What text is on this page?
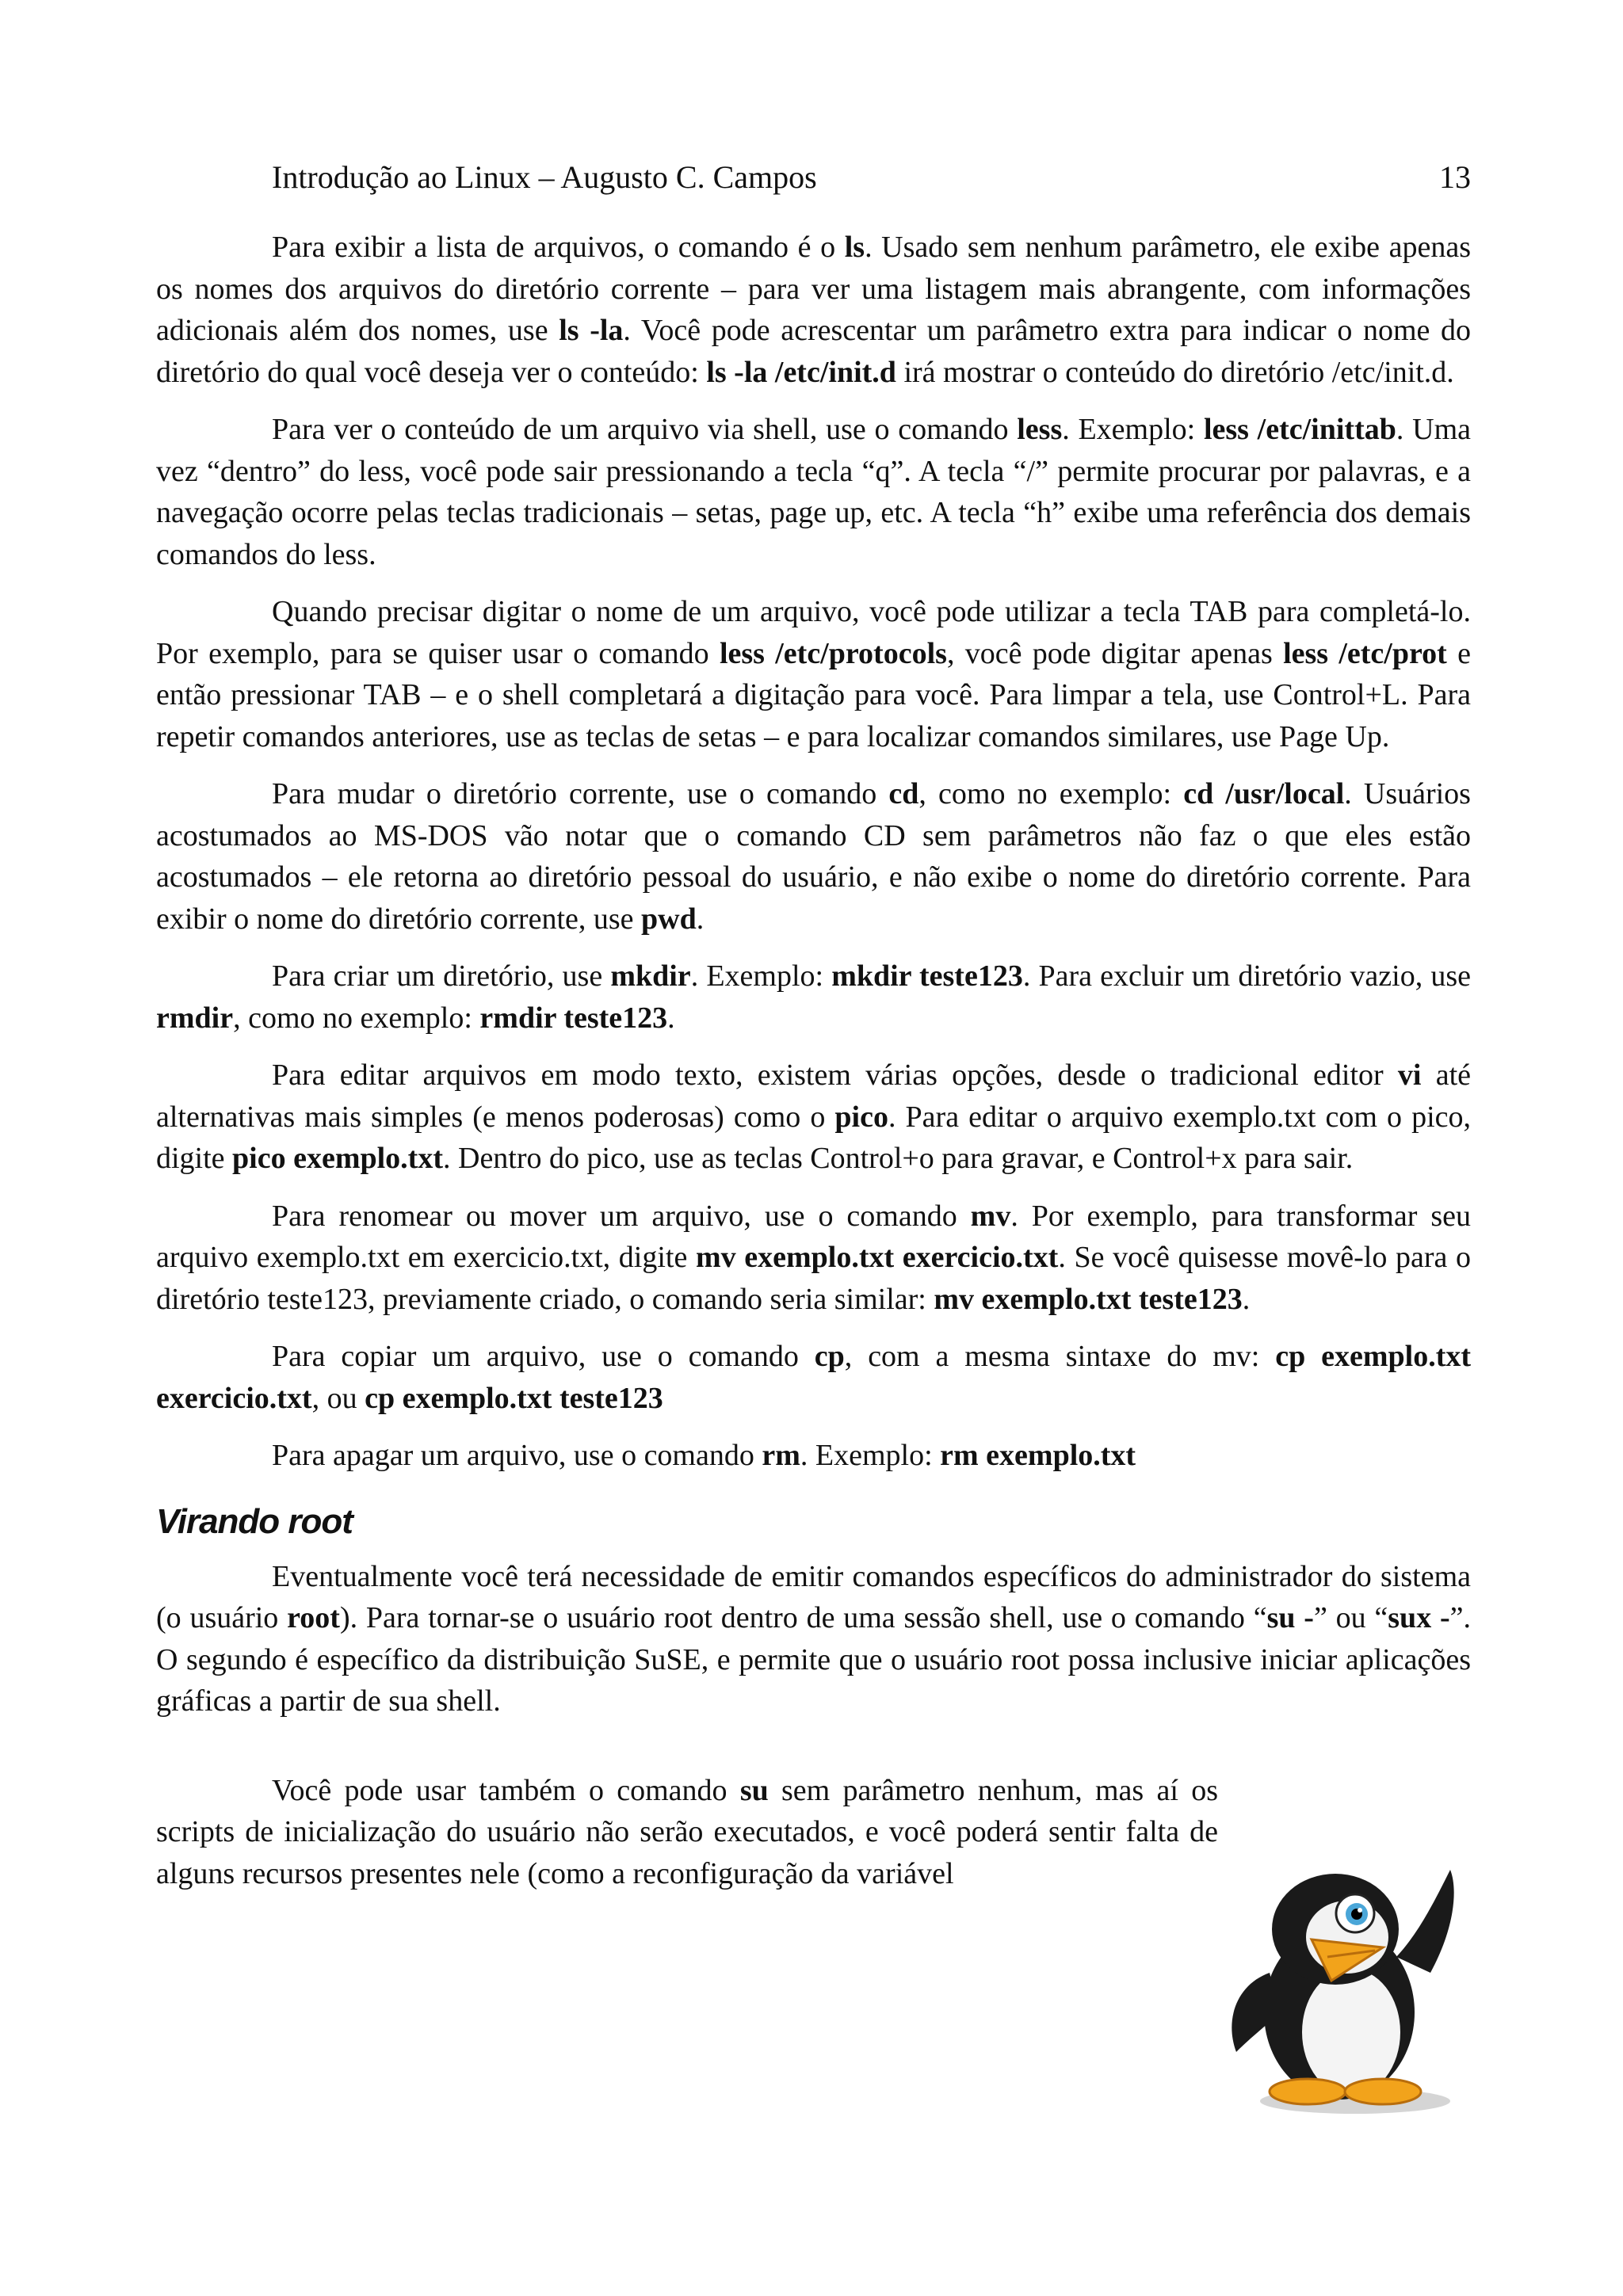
Introdução ao Linux – Augusto C. Campos	13

Para exibir a lista de arquivos, o comando é o ls. Usado sem nenhum parâmetro, ele exibe apenas os nomes dos arquivos do diretório corrente – para ver uma listagem mais abrangente, com informações adicionais além dos nomes, use ls -la. Você pode acrescentar um parâmetro extra para indicar o nome do diretório do qual você deseja ver o conteúdo: ls -la /etc/init.d irá mostrar o conteúdo do diretório /etc/init.d.

Para ver o conteúdo de um arquivo via shell, use o comando less. Exemplo: less /etc/inittab. Uma vez “dentro” do less, você pode sair pressionando a tecla “q”. A tecla “/” permite procurar por palavras, e a navegação ocorre pelas teclas tradicionais – setas, page up, etc. A tecla “h” exibe uma referência dos demais comandos do less.

Quando precisar digitar o nome de um arquivo, você pode utilizar a tecla TAB para completá-lo. Por exemplo, para se quiser usar o comando less /etc/protocols, você pode digitar apenas less /etc/prot e então pressionar TAB – e o shell completará a digitação para você. Para limpar a tela, use Control+L. Para repetir comandos anteriores, use as teclas de setas – e para localizar comandos similares, use Page Up.

Para mudar o diretório corrente, use o comando cd, como no exemplo: cd /usr/local. Usuários acostumados ao MS-DOS vão notar que o comando CD sem parâmetros não faz o que eles estão acostumados – ele retorna ao diretório pessoal do usuário, e não exibe o nome do diretório corrente. Para exibir o nome do diretório corrente, use pwd.

Para criar um diretório, use mkdir. Exemplo: mkdir teste123. Para excluir um diretório vazio, use rmdir, como no exemplo: rmdir teste123.

Para editar arquivos em modo texto, existem várias opções, desde o tradicional editor vi até alternativas mais simples (e menos poderosas) como o pico. Para editar o arquivo exemplo.txt com o pico, digite pico exemplo.txt. Dentro do pico, use as teclas Control+o para gravar, e Control+x para sair.

Para renomear ou mover um arquivo, use o comando mv. Por exemplo, para transformar seu arquivo exemplo.txt em exercicio.txt, digite mv exemplo.txt exercicio.txt. Se você quisesse movê-lo para o diretório teste123, previamente criado, o comando seria similar: mv exemplo.txt teste123.

Para copiar um arquivo, use o comando cp, com a mesma sintaxe do mv: cp exemplo.txt exercicio.txt, ou cp exemplo.txt teste123

Para apagar um arquivo, use o comando rm. Exemplo: rm exemplo.txt

Virando root

Eventualmente você terá necessidade de emitir comandos específicos do administrador do sistema (o usuário root). Para tornar-se o usuário root dentro de uma sessão shell, use o comando “su -” ou “sux -”. O segundo é específico da distribuição SuSE, e permite que o usuário root possa inclusive iniciar aplicações gráficas a partir de sua shell.

Você pode usar também o comando su sem parâmetro nenhum, mas aí os scripts de inicialização do usuário não serão executados, e você poderá sentir falta de alguns recursos presentes nele (como a reconfiguração da variável
